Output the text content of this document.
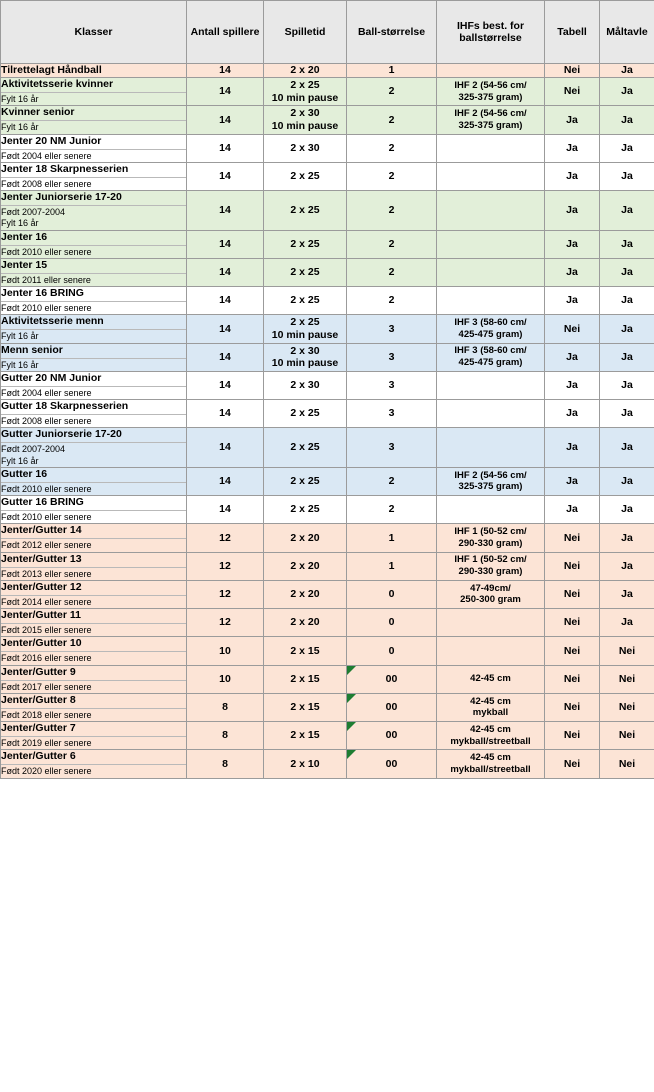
Klasser	Antall spillere	Spilletid	Ball-størrelse	IHFs best. for ballstørrelse	Tabell	Måltavle

Tilrettelagt Håndball	14	2 x 20	1		Nei	Ja

Aktivitetsserie kvinner
Fylt 16 år	14	2 x 25
10 min pause	2	IHF 2 (54-56 cm/
325-375 gram)	Nei	Ja

Kvinner senior
Fylt 16 år	14	2 x 30
10 min pause	2	IHF 2 (54-56 cm/
325-375 gram)	Ja	Ja

Jenter 20 NM Junior
Født 2004 eller senere	14	2 x 30	2		Ja	Ja

Jenter 18 Skarpnesserien
Født 2008 eller senere	14	2 x 25	2		Ja	Ja

Jenter Juniorserie 17-20
Født 2007-2004
Fylt 16 år	14	2 x 25	2		Ja	Ja

Jenter 16
Født 2010 eller senere	14	2 x 25	2		Ja	Ja

Jenter 15
Født 2011 eller senere	14	2 x 25	2		Ja	Ja

Jenter 16 BRING
Født 2010 eller senere	14	2 x 25	2		Ja	Ja

Aktivitetsserie menn
Fylt 16 år	14	2 x 25
10 min pause	3	IHF 3 (58-60 cm/
425-475 gram)	Nei	Ja

Menn senior
Fylt 16 år	14	2 x 30
10 min pause	3	IHF 3 (58-60 cm/
425-475 gram)	Ja	Ja

Gutter 20 NM Junior
Født 2004 eller senere	14	2 x 30	3		Ja	Ja

Gutter 18 Skarpnesserien
Født 2008 eller senere	14	2 x 25	3		Ja	Ja

Gutter Juniorserie 17-20
Født 2007-2004
Fylt 16 år	14	2 x 25	3		Ja	Ja

Gutter 16
Født 2010 eller senere	14	2 x 25	2	IHF 2 (54-56 cm/
325-375 gram)	Ja	Ja

Gutter 16 BRING
Født 2010 eller senere	14	2 x 25	2		Ja	Ja

Jenter/Gutter 14
Født 2012 eller senere	12	2 x 20	1	IHF 1 (50-52 cm/
290-330 gram)	Nei	Ja

Jenter/Gutter 13
Født 2013 eller senere	12	2 x 20	1	IHF 1 (50-52 cm/
290-330 gram)	Nei	Ja

Jenter/Gutter 12
Født 2014 eller senere	12	2 x 20	0	47-49cm/
250-300 gram	Nei	Ja

Jenter/Gutter 11
Født 2015 eller senere	12	2 x 20	0		Nei	Ja

Jenter/Gutter 10
Født 2016 eller senere	10	2 x 15	0		Nei	Nei

Jenter/Gutter 9
Født 2017 eller senere	10	2 x 15	00	42-45 cm	Nei	Nei

Jenter/Gutter 8
Født 2018 eller senere	8	2 x 15	00	42-45 cm
mykball	Nei	Nei

Jenter/Gutter 7
Født 2019 eller senere	8	2 x 15	00	42-45 cm
mykball/streetball	Nei	Nei

Jenter/Gutter 6
Født 2020 eller senere	8	2 x 10	00	42-45 cm
mykball/streetball	Nei	Nei
